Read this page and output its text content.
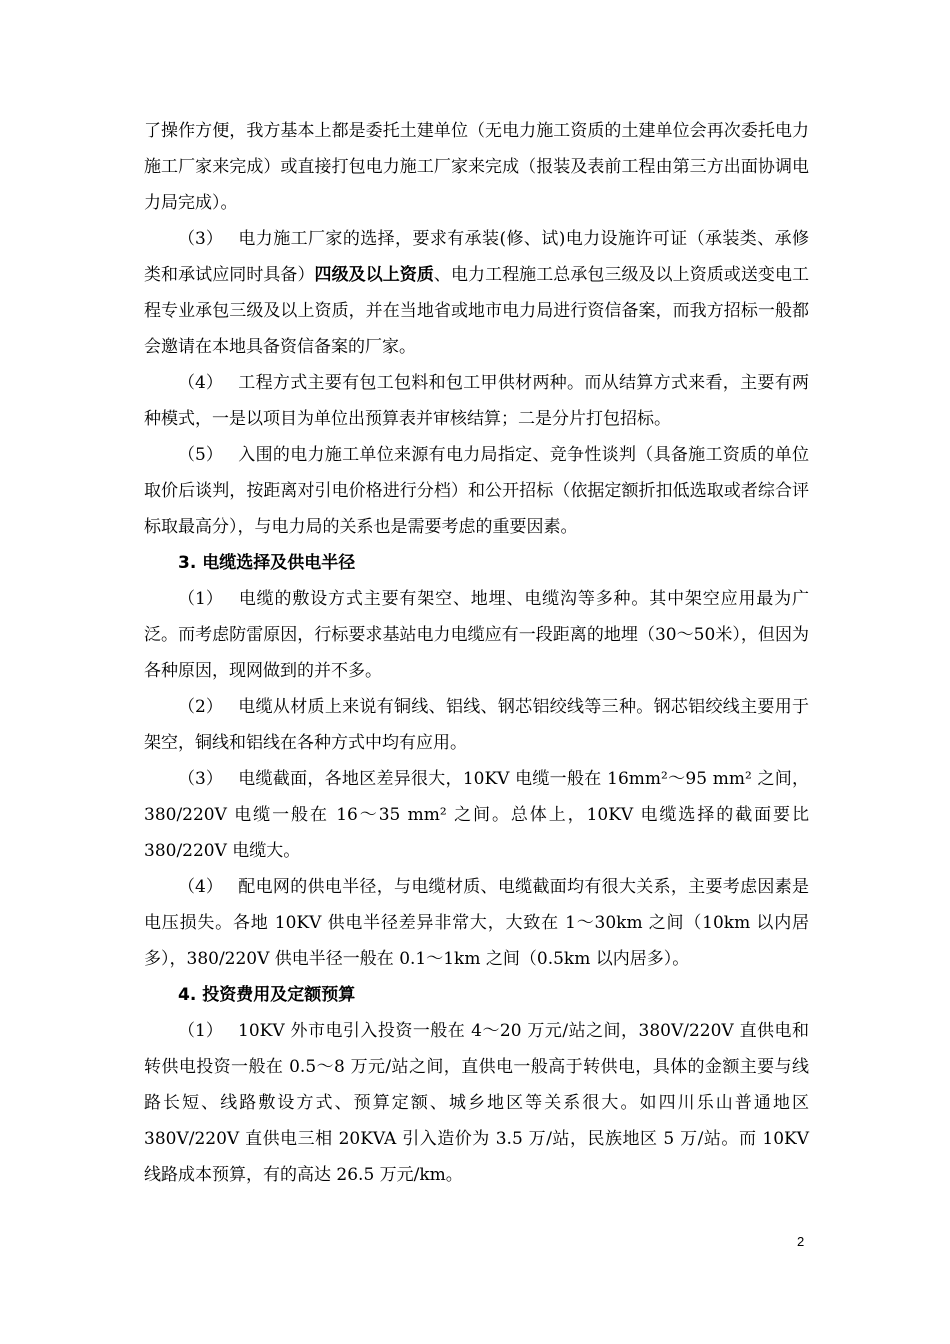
了操作方便，我方基本上都是委托土建单位（无电力施工资质的土建单位会再次委托电力施工厂家来完成）或直接打包电力施工厂家来完成（报装及表前工程由第三方出面协调电力局完成）。

（3） 电力施工厂家的选择，要求有承装(修、试)电力设施许可证（承装类、承修类和承试应同时具备）四级及以上资质、电力工程施工总承包三级及以上资质或送变电工程专业承包三级及以上资质，并在当地省或地市电力局进行资信备案，而我方招标一般都会邀请在本地具备资信备案的厂家。

（4） 工程方式主要有包工包料和包工甲供材两种。而从结算方式来看，主要有两种模式，一是以项目为单位出预算表并审核结算；二是分片打包招标。

（5） 入围的电力施工单位来源有电力局指定、竞争性谈判（具备施工资质的单位取价后谈判，按距离对引电价格进行分档）和公开招标（依据定额折扣低选取或者综合评标取最高分），与电力局的关系也是需要考虑的重要因素。

3. 电缆选择及供电半径

（1） 电缆的敷设方式主要有架空、地埋、电缆沟等多种。其中架空应用最为广泛。而考虑防雷原因，行标要求基站电力电缆应有一段距离的地埋（30～50米），但因为各种原因，现网做到的并不多。

（2） 电缆从材质上来说有铜线、铝线、钢芯铝绞线等三种。钢芯铝绞线主要用于架空，铜线和铝线在各种方式中均有应用。

（3） 电缆截面，各地区差异很大，10KV 电缆一般在 16mm²～95 mm² 之间，380/220V 电缆一般在 16～35 mm² 之间。总体上，10KV 电缆选择的截面要比 380/220V 电缆大。

（4） 配电网的供电半径，与电缆材质、电缆截面均有很大关系，主要考虑因素是电压损失。各地 10KV 供电半径差异非常大，大致在 1～30km 之间（10km 以内居多），380/220V 供电半径一般在 0.1～1km 之间（0.5km 以内居多）。

4. 投资费用及定额预算

（1） 10KV 外市电引入投资一般在 4～20 万元/站之间，380V/220V 直供电和转供电投资一般在 0.5～8 万元/站之间，直供电一般高于转供电，具体的金额主要与线路长短、线路敷设方式、预算定额、城乡地区等关系很大。如四川乐山普通地区 380V/220V 直供电三相 20KVA 引入造价为 3.5 万/站，民族地区 5 万/站。而 10KV 线路成本预算，有的高达 26.5 万元/km。

2
